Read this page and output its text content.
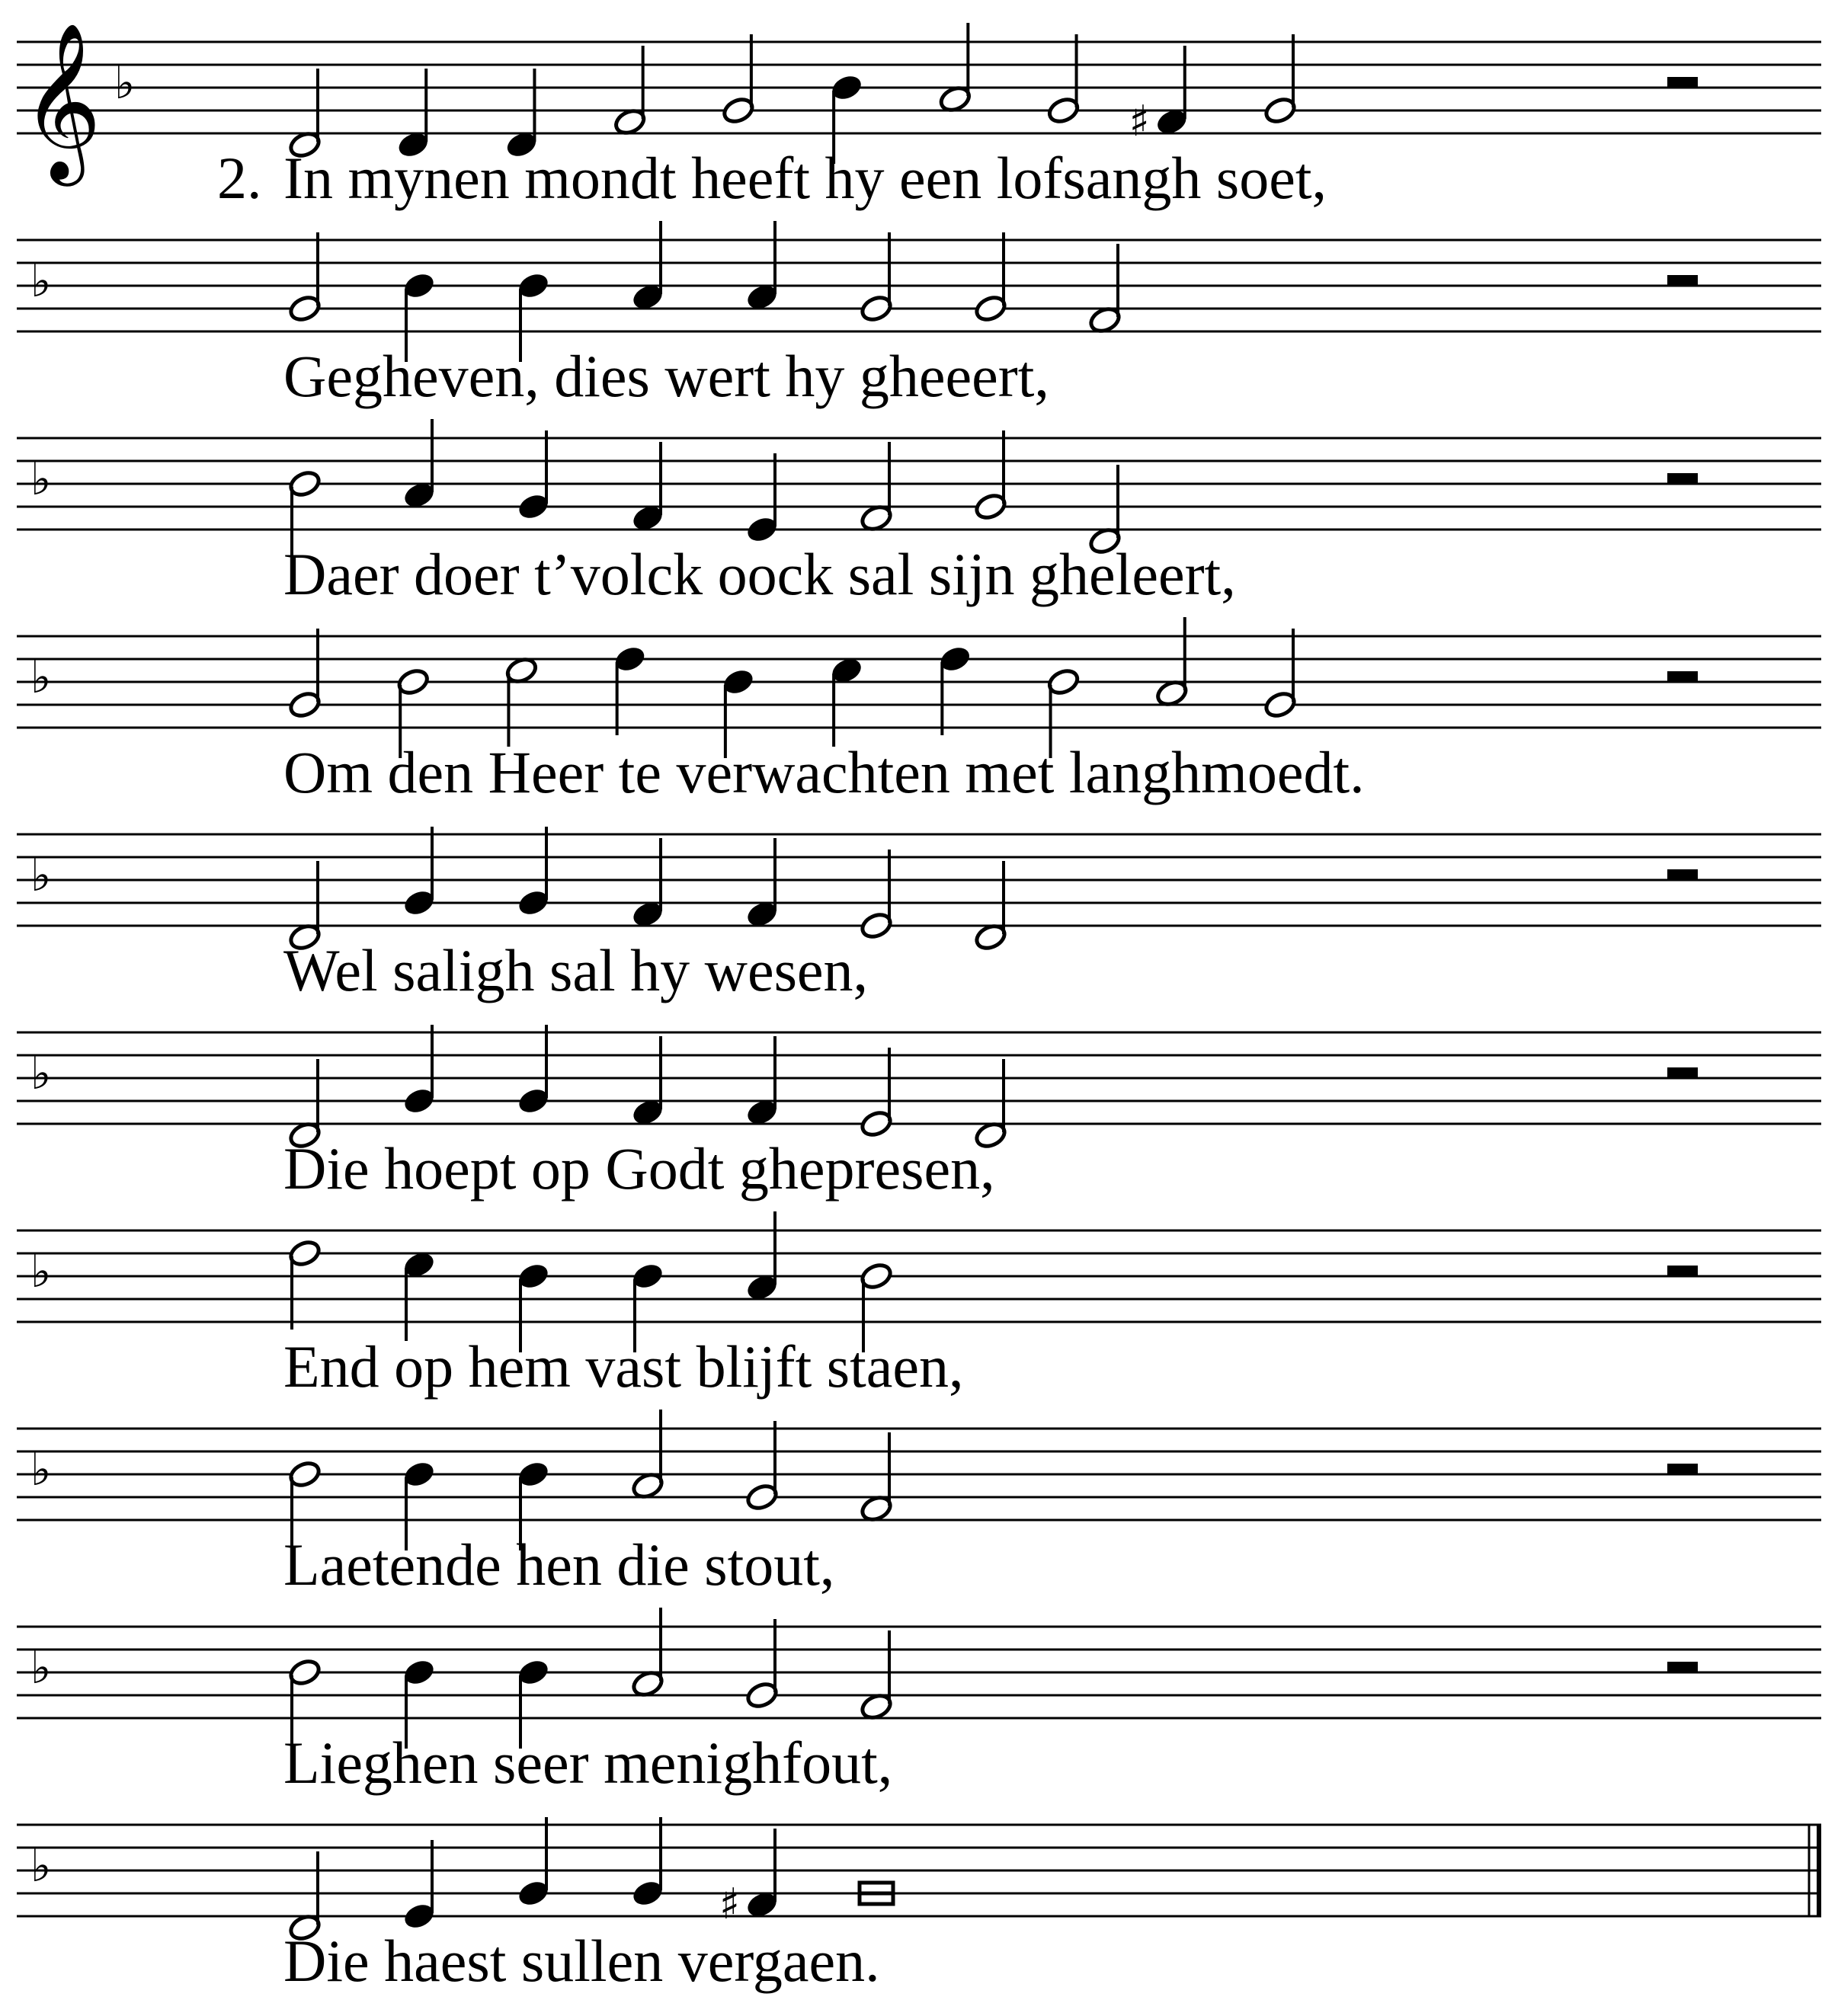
𝄞 ♭
♯
2. In mynen mondt heeft hy een lofsangh soet,
♭
Gegheven, dies wert hy gheeert,
♭
Daer doer t’volck oock sal sijn gheleert,
♭
Om den Heer te verwachten met langhmoedt.
♭
Wel saligh sal hy wesen,
♭
Die hoept op Godt ghepresen,
♭
End op hem vast blijft staen,
♭
Laetende hen die stout,
♭
Lieghen seer menighfout,
♭
♯
Die haest sullen vergaen.
